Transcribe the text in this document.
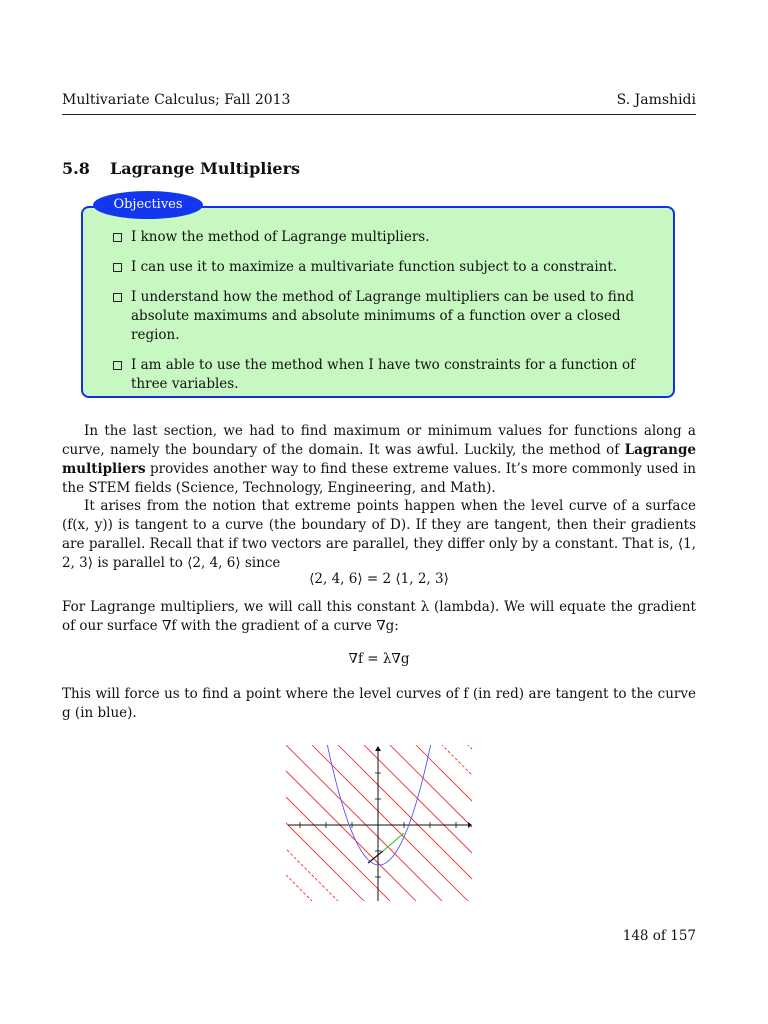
Multivariate Calculus; Fall 2013	S. Jamshidi
5.8 Lagrange Multipliers
Objectives
I know the method of Lagrange multipliers.
I can use it to maximize a multivariate function subject to a constraint.
I understand how the method of Lagrange multipliers can be used to find absolute maximums and absolute minimums of a function over a closed region.
I am able to use the method when I have two constraints for a function of three variables.

In the last section, we had to find maximum or minimum values for functions along a curve, namely the boundary of the domain. It was awful. Luckily, the method of Lagrange multipliers provides another way to find these extreme values. It’s more commonly used in the STEM fields (Science, Technology, Engineering, and Math).

It arises from the notion that extreme points happen when the level curve of a surface (f(x, y)) is tangent to a curve (the boundary of D). If they are tangent, then their gradients are parallel. Recall that if two vectors are parallel, they differ only by a constant. That is, ⟨1, 2, 3⟩ is parallel to ⟨2, 4, 6⟩ since

⟨2, 4, 6⟩ = 2 ⟨1, 2, 3⟩

For Lagrange multipliers, we will call this constant λ (lambda). We will equate the gradient of our surface ∇f with the gradient of a curve ∇g:

∇f = λ∇g

This will force us to find a point where the level curves of f (in red) are tangent to the curve g (in blue).

148 of 157
